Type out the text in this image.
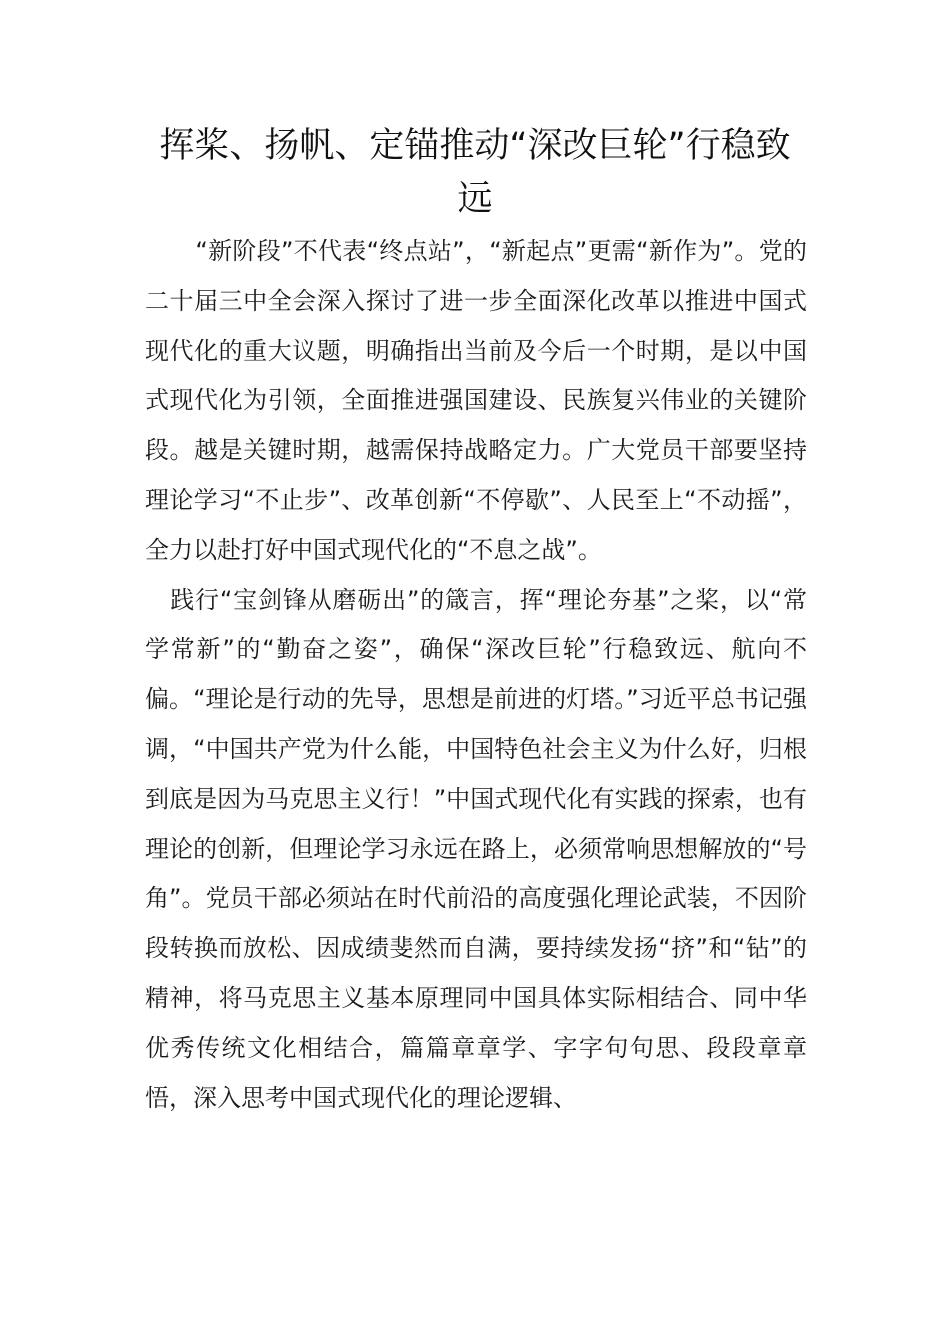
挥桨、扬帆、定锚推动“深改巨轮”行稳致远

“新阶段”不代表“终点站”，“新起点”更需“新作为”。党的二十届三中全会深入探讨了进一步全面深化改革以推进中国式现代化的重大议题，明确指出当前及今后一个时期，是以中国式现代化为引领，全面推进强国建设、民族复兴伟业的关键阶段。越是关键时期，越需保持战略定力。广大党员干部要坚持理论学习“不止步”、改革创新“不停歇”、人民至上“不动摇”，全力以赴打好中国式现代化的“不息之战”。

践行“宝剑锋从磨砺出”的箴言，挥“理论夯基”之桨，以“常学常新”的“勤奋之姿”，确保“深改巨轮”行稳致远、航向不偏。“理论是行动的先导，思想是前进的灯塔。”习近平总书记强调，“中国共产党为什么能，中国特色社会主义为什么好，归根到底是因为马克思主义行！”中国式现代化有实践的探索，也有理论的创新，但理论学习永远在路上，必须常响思想解放的“号角”。党员干部必须站在时代前沿的高度强化理论武装，不因阶段转换而放松、因成绩斐然而自满，要持续发扬“挤”和“钻”的精神，将马克思主义基本原理同中国具体实际相结合、同中华优秀传统文化相结合，篇篇章章学、字字句句思、段段章章悟，深入思考中国式现代化的理论逻辑、
